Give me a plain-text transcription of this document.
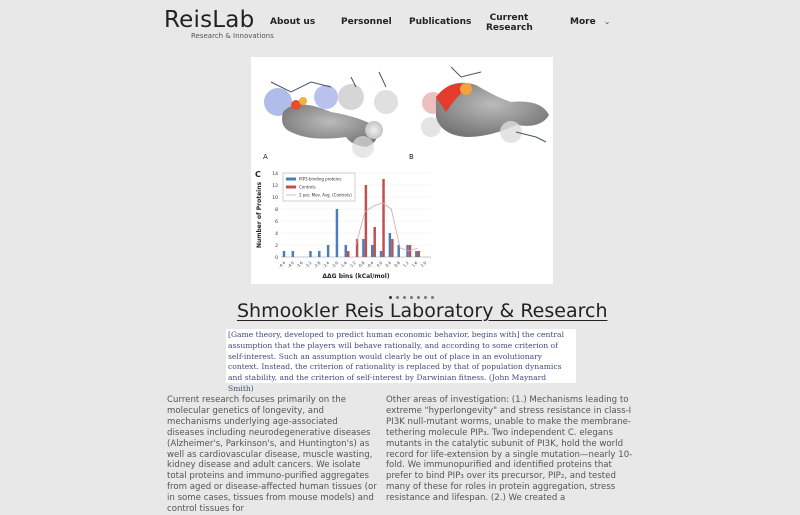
ReisLab
Research & Innovations
About us	Personnel Publications	Current Research
More ⌄
A	B
0
2
4
6
8
10
12
14
-4.4 -4.0 -3.6 -3.2 -2.8 -2.4 -2.0 -1.6 -1.2 -0.8 -0.4 0.0 0.4 0.8 1.2 1.6 2.0
ΔΔG bins (kCal/mol)
Number of Proteins
C	PIP3-binding proteins
Controls
2 per. Mov. Avg. (Controls)
Shmookler Reis Laboratory & Research
[Game theory, developed to predict human economic behavior, begins with] the central assumption that the players will behave rationally, and according to some criterion of self-interest. Such an assumption would clearly be out of place in an evolutionary context. Instead, the criterion of rationality is replaced by that of population dynamics and stability, and the criterion of self-interest by Darwinian fitness. (John Maynard Smith)
Current research focuses primarily on the molecular genetics of longevity, and mechanisms underlying age-associated diseases including neurodegenerative diseases (Alzheimer's, Parkinson's, and Huntington's) as well as cardiovascular disease, muscle wasting, kidney disease and adult cancers. We isolate total proteins and immuno-purified aggregates from aged or disease-affected human tissues (or in some cases, tissues from mouse models) and control tissues for
Other areas of investigation: (1.) Mechanisms leading to extreme "hyperlongevity" and stress resistance in class-I PI3K null-mutant worms, unable to make the membrane-tethering molecule PIP₃. Two independent C. elegans mutants in the catalytic subunit of PI3K, hold the world record for life-extension by a single mutation—nearly 10-fold. We immunopurified and identified proteins that prefer to bind PIP₃ over its precursor, PIP₂, and tested many of these for roles in protein aggregation, stress resistance and lifespan. (2.) We created a
